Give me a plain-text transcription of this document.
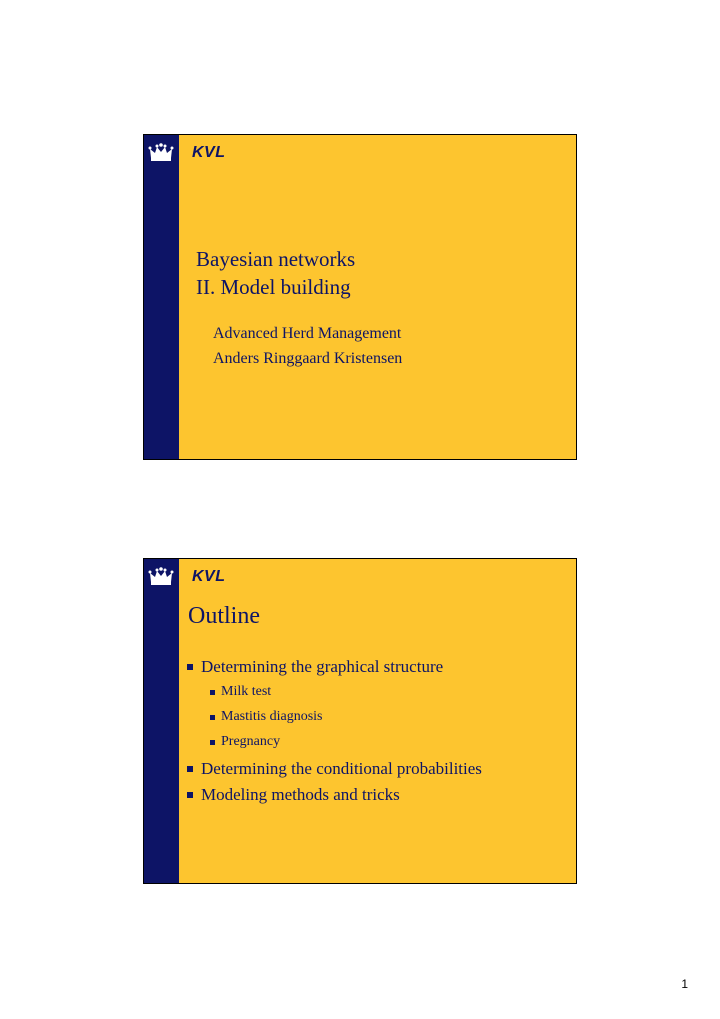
KVL
Bayesian networks
II. Model building
Advanced Herd Management
Anders Ringgaard Kristensen
KVL
Outline
Determining the graphical structure
Milk test
Mastitis diagnosis
Pregnancy
Determining the conditional probabilities
Modeling methods and tricks
1
